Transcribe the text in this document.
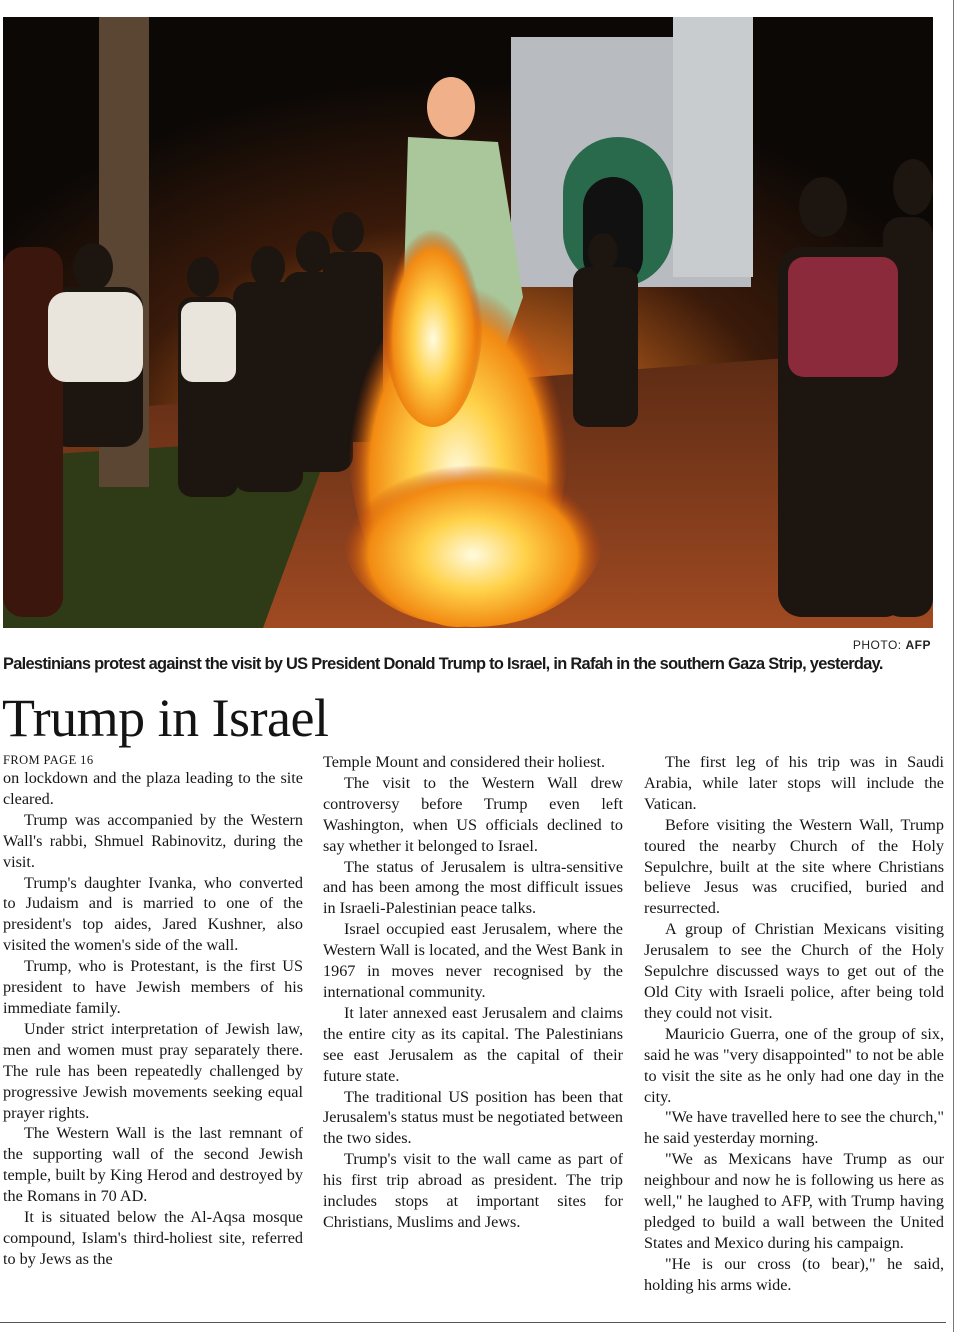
PHOTO: AFP
Palestinians protest against the visit by US President Donald Trump to Israel, in Rafah in the southern Gaza Strip, yesterday.
Trump in Israel

FROM PAGE 16

on lockdown and the plaza leading to the site cleared.

Trump was accompanied by the Western Wall's rabbi, Shmuel Rabinovitz, during the visit.

Trump's daughter Ivanka, who converted to Judaism and is married to one of the president's top aides, Jared Kushner, also visited the women's side of the wall.

Trump, who is Protestant, is the first US president to have Jewish members of his immediate family.

Under strict interpretation of Jewish law, men and women must pray separately there. The rule has been repeatedly challenged by progressive Jewish movements seeking equal prayer rights.

The Western Wall is the last remnant of the supporting wall of the second Jewish temple, built by King Herod and destroyed by the Romans in 70 AD.

It is situated below the Al-Aqsa mosque compound, Islam's third-holiest site, referred to by Jews as the

Temple Mount and considered their holiest.

The visit to the Western Wall drew controversy before Trump even left Washington, when US officials declined to say whether it belonged to Israel.

The status of Jerusalem is ultra-sensitive and has been among the most difficult issues in Israeli-Palestinian peace talks.

Israel occupied east Jerusalem, where the Western Wall is located, and the West Bank in 1967 in moves never recognised by the international community.

It later annexed east Jerusalem and claims the entire city as its capital. The Palestinians see east Jerusalem as the capital of their future state.

The traditional US position has been that Jerusalem's status must be negotiated between the two sides.

Trump's visit to the wall came as part of his first trip abroad as president. The trip includes stops at important sites for Christians, Muslims and Jews.

The first leg of his trip was in Saudi Arabia, while later stops will include the Vatican.

Before visiting the Western Wall, Trump toured the nearby Church of the Holy Sepulchre, built at the site where Christians believe Jesus was crucified, buried and resurrected.

A group of Christian Mexicans visiting Jerusalem to see the Church of the Holy Sepulchre discussed ways to get out of the Old City with Israeli police, after being told they could not visit.

Mauricio Guerra, one of the group of six, said he was "very disappointed" to not be able to visit the site as he only had one day in the city.

"We have travelled here to see the church," he said yesterday morning.

"We as Mexicans have Trump as our neighbour and now he is following us here as well," he laughed to AFP, with Trump having pledged to build a wall between the United States and Mexico during his campaign.

"He is our cross (to bear)," he said, holding his arms wide.
